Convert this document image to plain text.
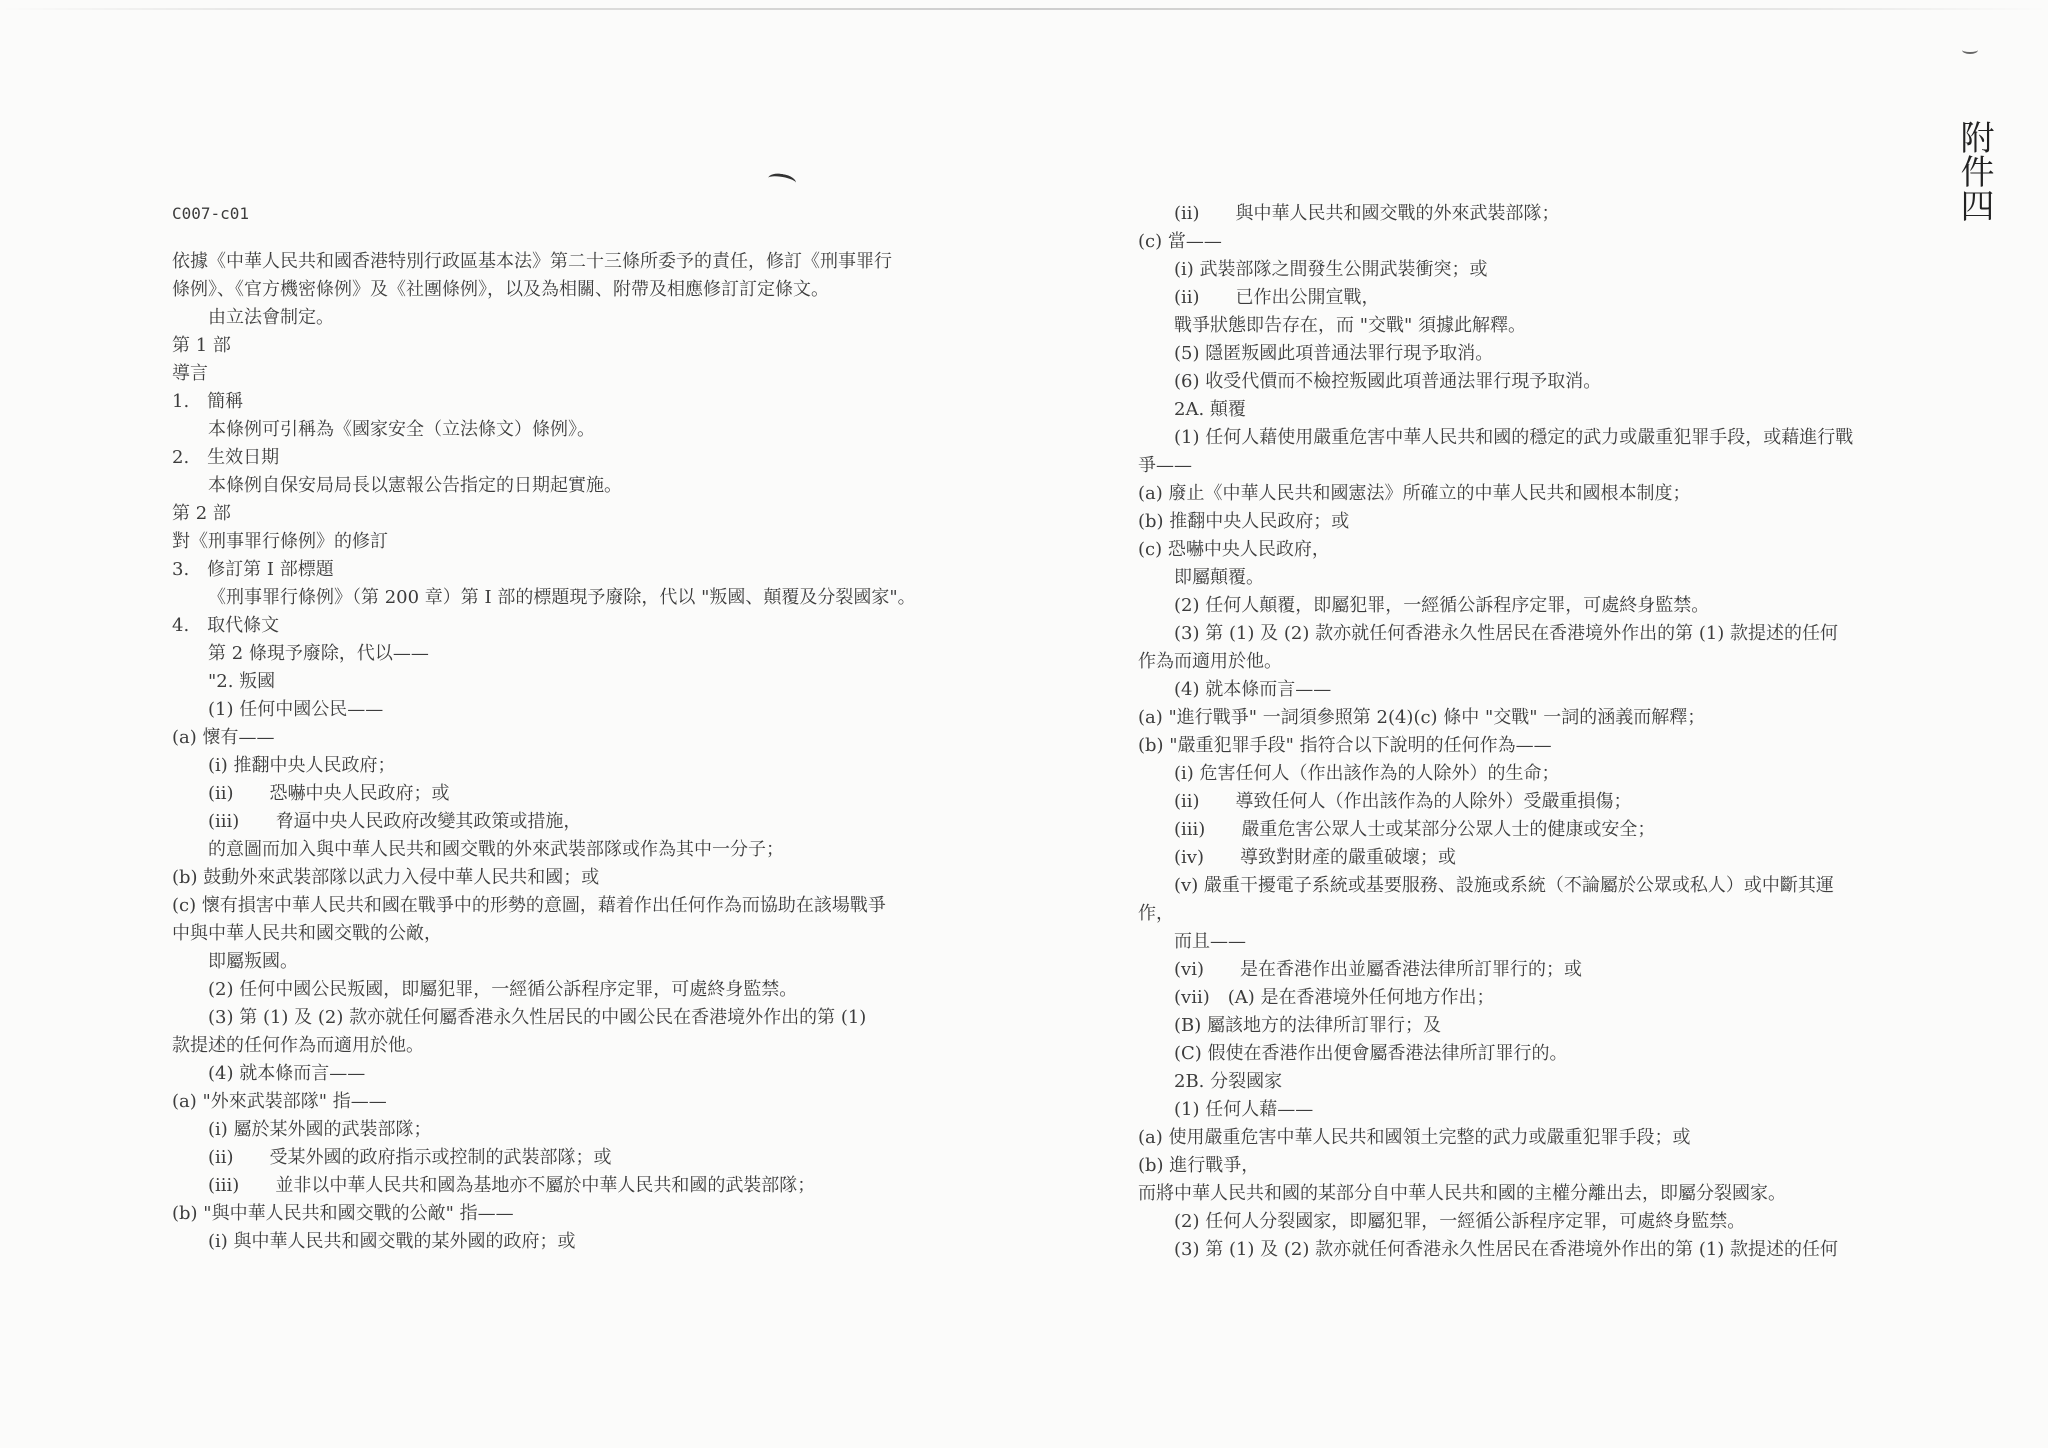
附件四
C007-c01
依據《中華人民共和國香港特別行政區基本法》第二十三條所委予的責任，修訂《刑事罪行
條例》、《官方機密條例》及《社團條例》，以及為相關、附帶及相應修訂訂定條文。
由立法會制定。
第 1 部
導言
1.　簡稱
本條例可引稱為《國家安全（立法條文）條例》。
2.　生效日期
本條例自保安局局長以憲報公告指定的日期起實施。
第 2 部
對《刑事罪行條例》的修訂
3.　修訂第 I 部標題
《刑事罪行條例》（第 200 章）第 I 部的標題現予廢除，代以 "叛國、顛覆及分裂國家"。
4.　取代條文
第 2 條現予廢除，代以——
"2. 叛國
(1) 任何中國公民——
(a) 懷有——
(i) 推翻中央人民政府；
(ii)　　恐嚇中央人民政府；或
(iii)　　脅逼中央人民政府改變其政策或措施，
的意圖而加入與中華人民共和國交戰的外來武裝部隊或作為其中一分子；
(b) 鼓動外來武裝部隊以武力入侵中華人民共和國；或
(c) 懷有損害中華人民共和國在戰爭中的形勢的意圖，藉着作出任何作為而協助在該場戰爭
中與中華人民共和國交戰的公敵，
即屬叛國。
(2) 任何中國公民叛國，即屬犯罪，一經循公訴程序定罪，可處終身監禁。
(3) 第 (1) 及 (2) 款亦就任何屬香港永久性居民的中國公民在香港境外作出的第 (1)
款提述的任何作為而適用於他。
(4) 就本條而言——
(a) "外來武裝部隊" 指——
(i) 屬於某外國的武裝部隊；
(ii)　　受某外國的政府指示或控制的武裝部隊；或
(iii)　　並非以中華人民共和國為基地亦不屬於中華人民共和國的武裝部隊；
(b) "與中華人民共和國交戰的公敵" 指——
(i) 與中華人民共和國交戰的某外國的政府；或
(ii)　　與中華人民共和國交戰的外來武裝部隊；
(c) 當——
(i) 武裝部隊之間發生公開武裝衝突；或
(ii)　　已作出公開宣戰，
戰爭狀態即告存在，而 "交戰" 須據此解釋。
(5) 隱匿叛國此項普通法罪行現予取消。
(6) 收受代價而不檢控叛國此項普通法罪行現予取消。
2A. 顛覆
(1) 任何人藉使用嚴重危害中華人民共和國的穩定的武力或嚴重犯罪手段，或藉進行戰
爭——
(a) 廢止《中華人民共和國憲法》所確立的中華人民共和國根本制度；
(b) 推翻中央人民政府；或
(c) 恐嚇中央人民政府，
即屬顛覆。
(2) 任何人顛覆，即屬犯罪，一經循公訴程序定罪，可處終身監禁。
(3) 第 (1) 及 (2) 款亦就任何香港永久性居民在香港境外作出的第 (1) 款提述的任何
作為而適用於他。
(4) 就本條而言——
(a) "進行戰爭" 一詞須參照第 2(4)(c) 條中 "交戰" 一詞的涵義而解釋；
(b) "嚴重犯罪手段" 指符合以下說明的任何作為——
(i) 危害任何人（作出該作為的人除外）的生命；
(ii)　　導致任何人（作出該作為的人除外）受嚴重損傷；
(iii)　　嚴重危害公眾人士或某部分公眾人士的健康或安全；
(iv)　　導致對財產的嚴重破壞；或
(v) 嚴重干擾電子系統或基要服務、設施或系統（不論屬於公眾或私人）或中斷其運
作，
而且——
(vi)　　是在香港作出並屬香港法律所訂罪行的；或
(vii)　(A) 是在香港境外任何地方作出；
(B) 屬該地方的法律所訂罪行；及
(C) 假使在香港作出便會屬香港法律所訂罪行的。
2B. 分裂國家
(1) 任何人藉——
(a) 使用嚴重危害中華人民共和國領土完整的武力或嚴重犯罪手段；或
(b) 進行戰爭，
而將中華人民共和國的某部分自中華人民共和國的主權分離出去，即屬分裂國家。
(2) 任何人分裂國家，即屬犯罪，一經循公訴程序定罪，可處終身監禁。
(3) 第 (1) 及 (2) 款亦就任何香港永久性居民在香港境外作出的第 (1) 款提述的任何
